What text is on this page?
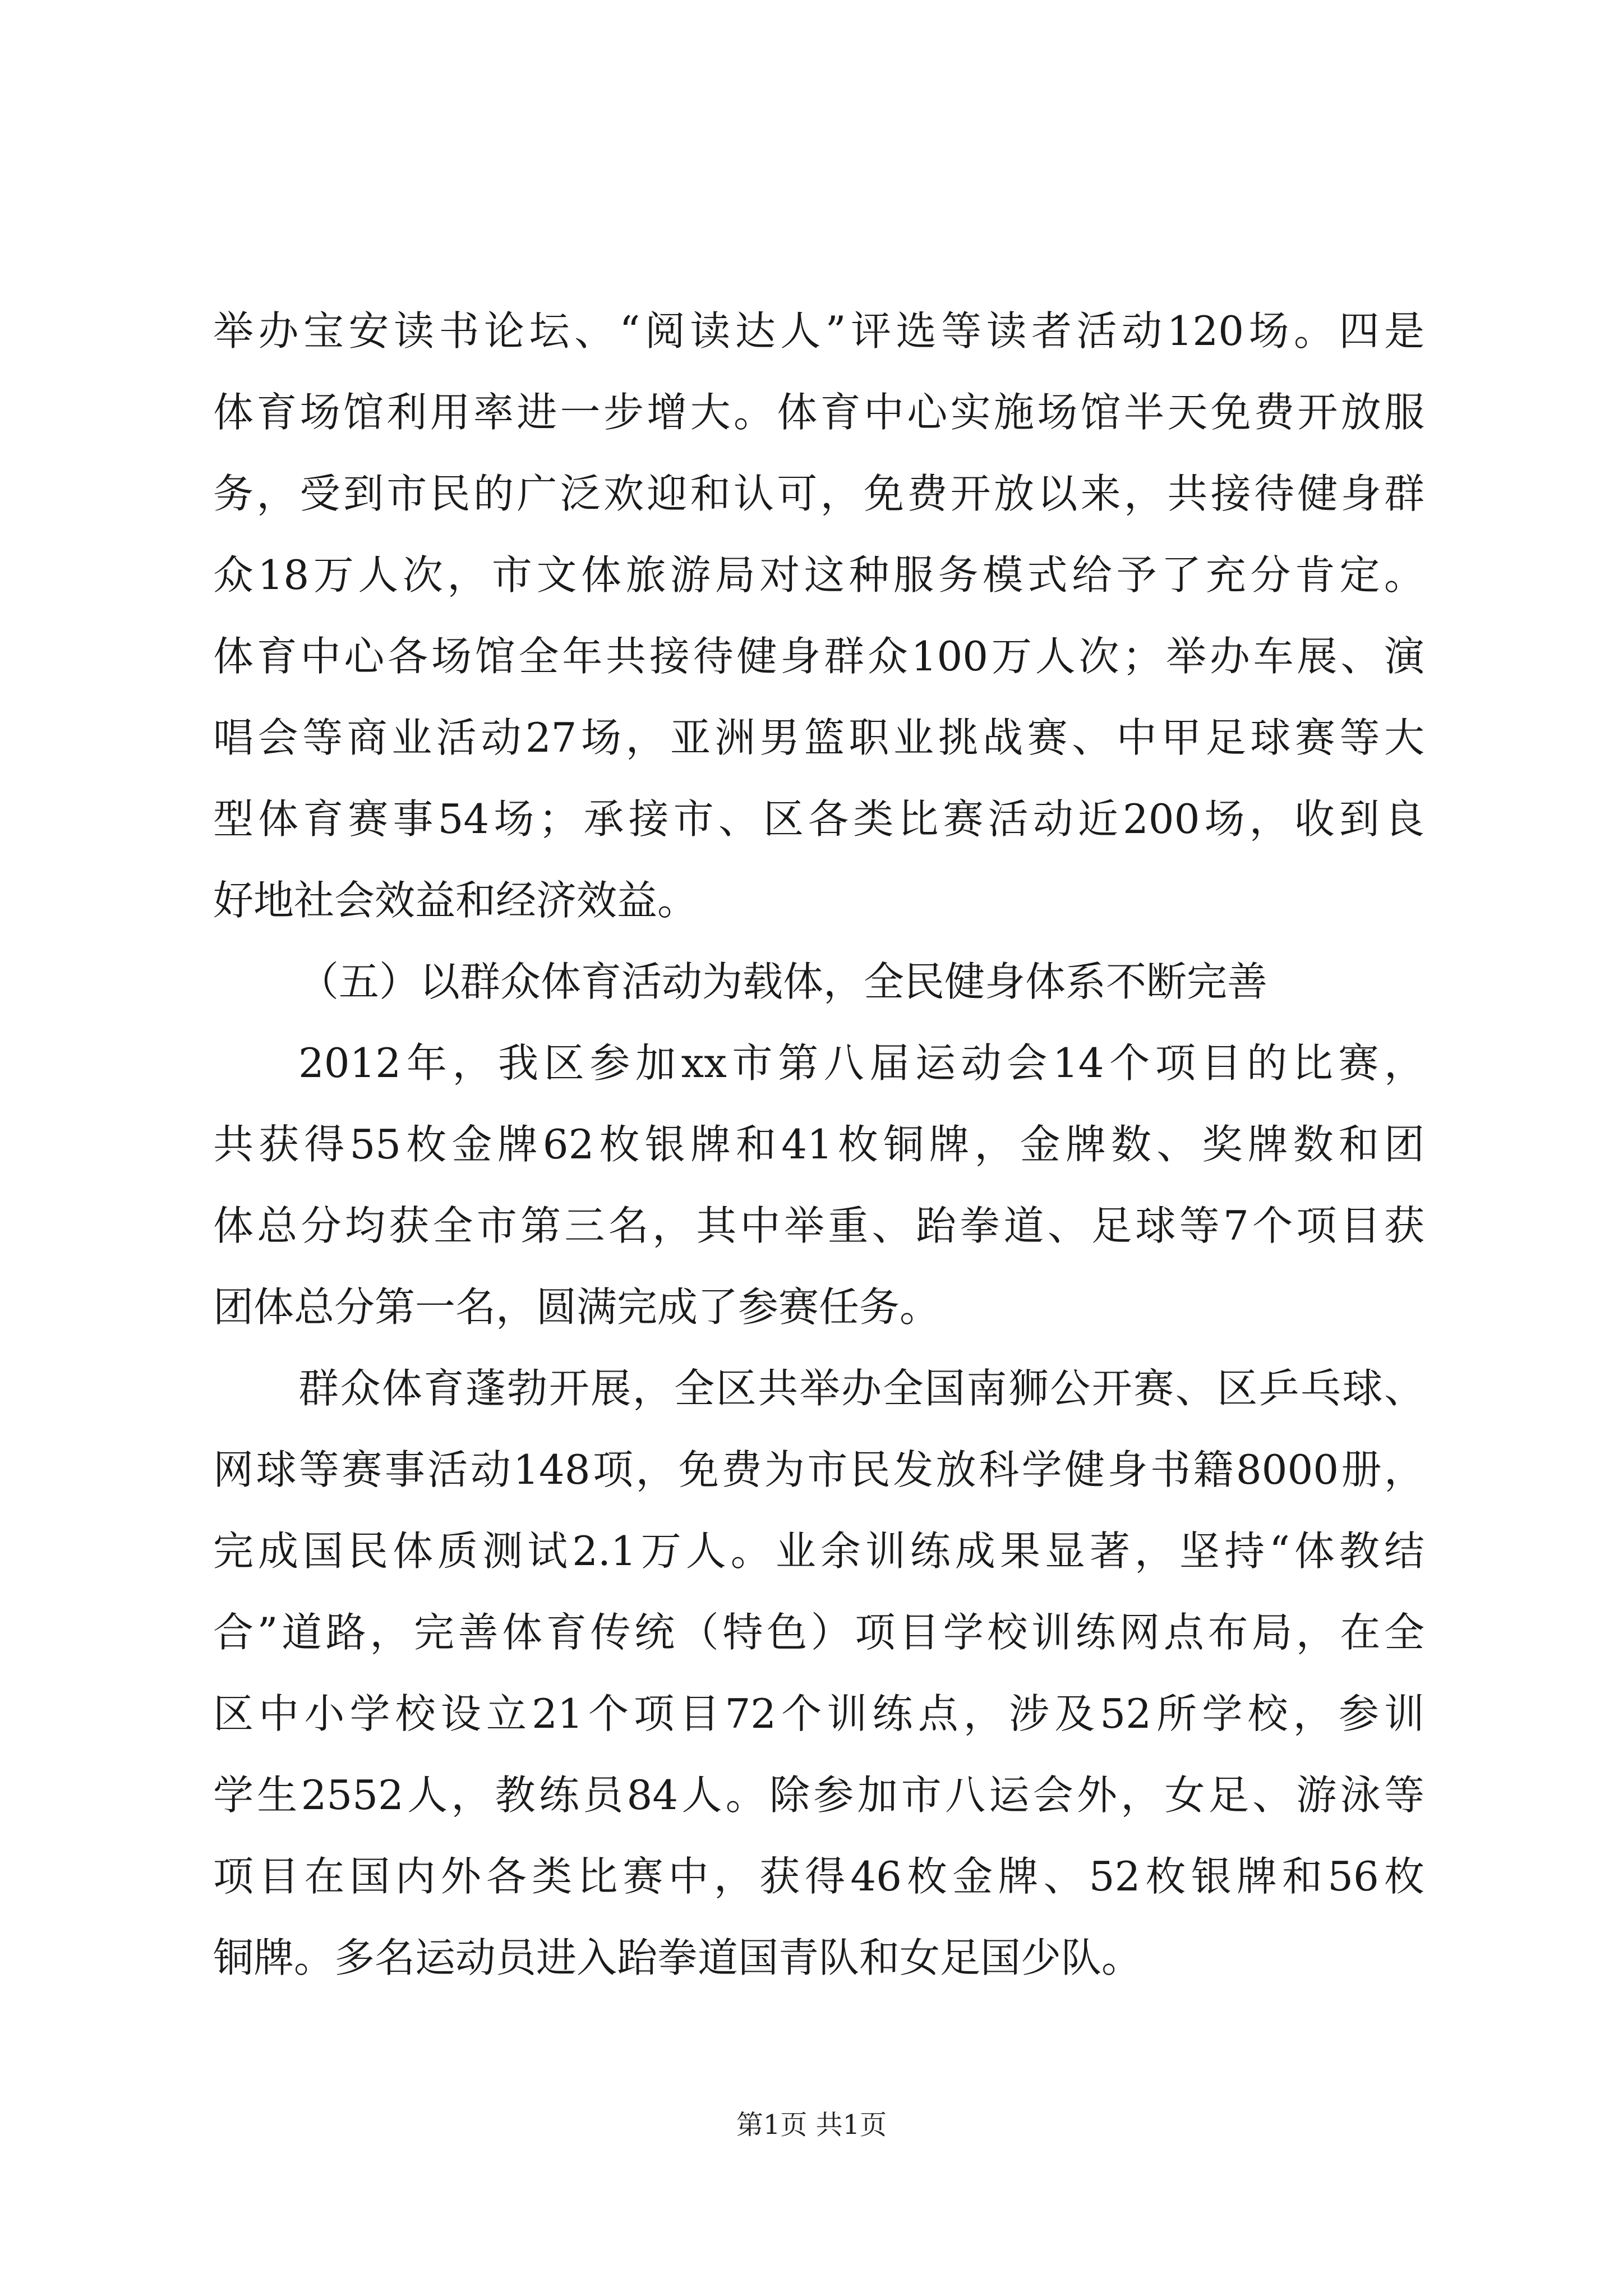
举办宝安读书论坛、“阅读达人”评选等读者活动120场。四是
体育场馆利用率进一步增大。体育中心实施场馆半天免费开放服
务，受到市民的广泛欢迎和认可，免费开放以来，共接待健身群
众18万人次，市文体旅游局对这种服务模式给予了充分肯定。
体育中心各场馆全年共接待健身群众100万人次；举办车展、演
唱会等商业活动27场，亚洲男篮职业挑战赛、中甲足球赛等大
型体育赛事54场；承接市、区各类比赛活动近200场，收到良
好地社会效益和经济效益。
（五）以群众体育活动为载体，全民健身体系不断完善
2012年，我区参加xx市第八届运动会14个项目的比赛，
共获得55枚金牌62枚银牌和41枚铜牌，金牌数、奖牌数和团
体总分均获全市第三名，其中举重、跆拳道、足球等7个项目获
团体总分第一名，圆满完成了参赛任务。
群众体育蓬勃开展，全区共举办全国南狮公开赛、区乒乓球、
网球等赛事活动148项，免费为市民发放科学健身书籍8000册，
完成国民体质测试2.1万人。业余训练成果显著，坚持“体教结
合”道路，完善体育传统（特色）项目学校训练网点布局，在全
区中小学校设立21个项目72个训练点，涉及52所学校，参训
学生2552人，教练员84人。除参加市八运会外，女足、游泳等
项目在国内外各类比赛中，获得46枚金牌、52枚银牌和56枚
铜牌。多名运动员进入跆拳道国青队和女足国少队。
第1页 共1页
